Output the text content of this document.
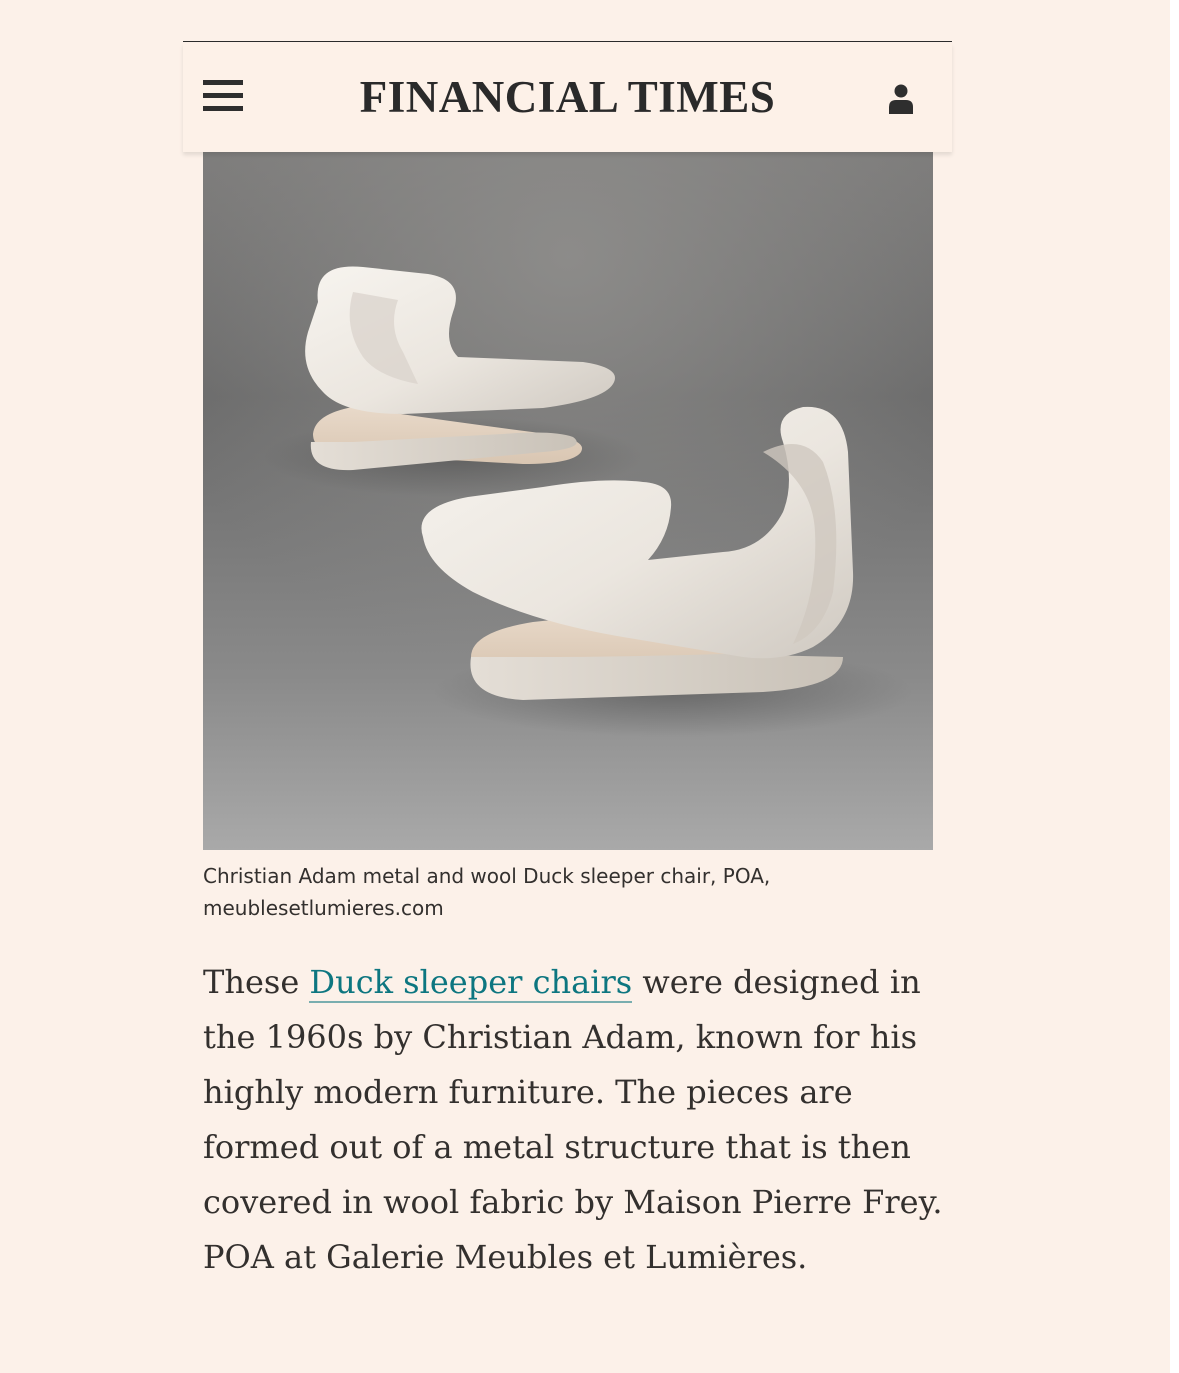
FINANCIAL TIMES
Christian Adam metal and wool Duck sleeper chair, POA,
meublesetlumieres.com
These Duck sleeper chairs were designed in
the 1960s by Christian Adam, known for his
highly modern furniture. The pieces are
formed out of a metal structure that is then
covered in wool fabric by Maison Pierre Frey.
POA at Galerie Meubles et Lumières.
